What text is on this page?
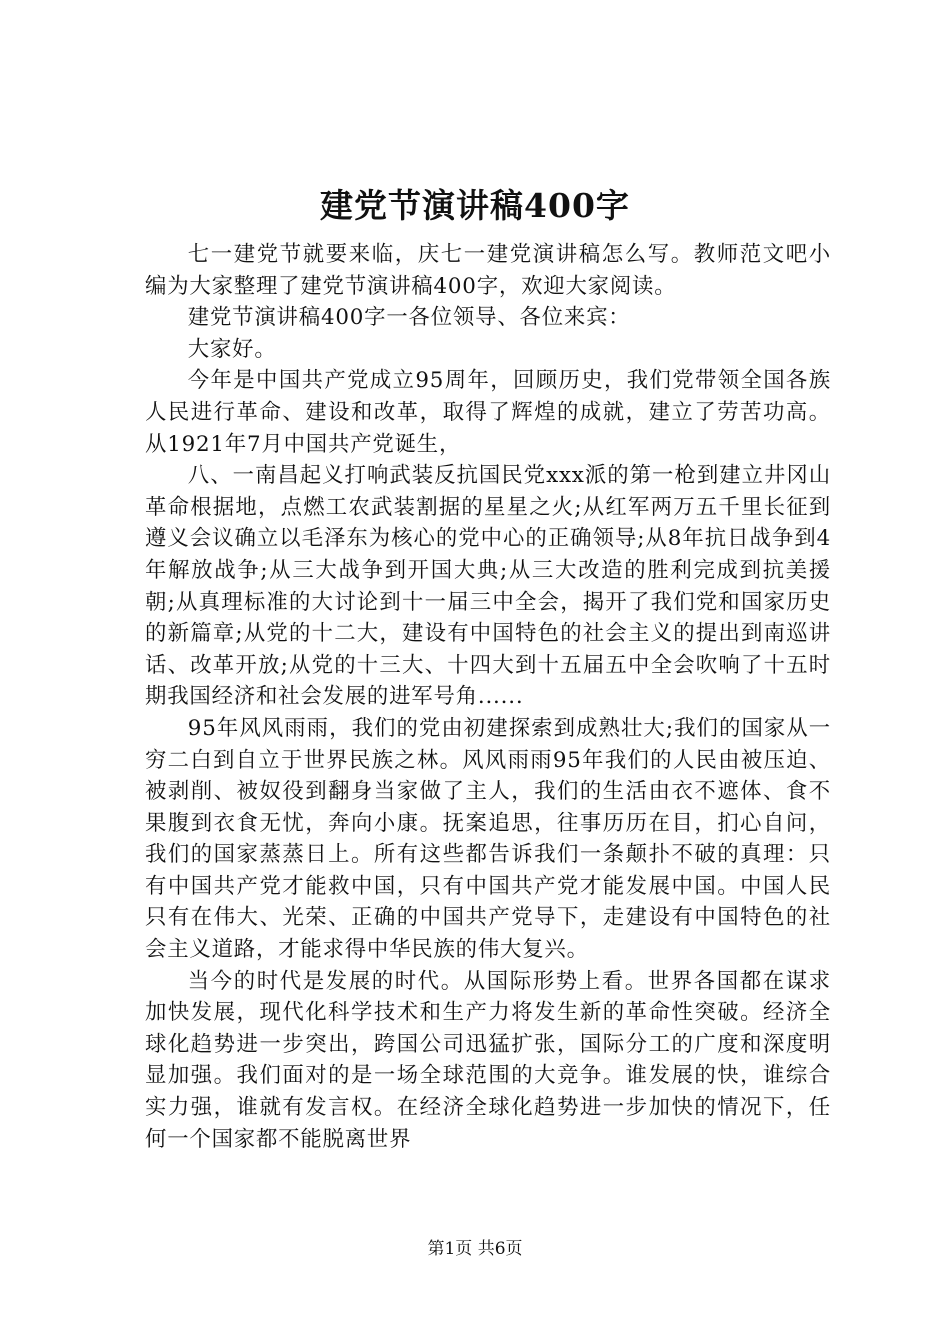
建党节演讲稿400字

七一建党节就要来临，庆七一建党演讲稿怎么写。教师范文吧小编为大家整理了建党节演讲稿400字，欢迎大家阅读。

建党节演讲稿400字一各位领导、各位来宾：

大家好。

今年是中国共产党成立95周年，回顾历史，我们党带领全国各族人民进行革命、建设和改革，取得了辉煌的成就，建立了劳苦功高。从1921年7月中国共产党诞生，

八、一南昌起义打响武装反抗国民党xxx派的第一枪到建立井冈山革命根据地，点燃工农武装割据的星星之火;从红军两万五千里长征到遵义会议确立以毛泽东为核心的党中心的正确领导;从8年抗日战争到4年解放战争;从三大战争到开国大典;从三大改造的胜利完成到抗美援朝;从真理标准的大讨论到十一届三中全会，揭开了我们党和国家历史的新篇章;从党的十二大，建设有中国特色的社会主义的提出到南巡讲话、改革开放;从党的十三大、十四大到十五届五中全会吹响了十五时期我国经济和社会发展的进军号角......

95年风风雨雨，我们的党由初建探索到成熟壮大;我们的国家从一穷二白到自立于世界民族之林。风风雨雨95年我们的人民由被压迫、被剥削、被奴役到翻身当家做了主人，我们的生活由衣不遮体、食不果腹到衣食无忧，奔向小康。抚案追思，往事历历在目，扪心自问，我们的国家蒸蒸日上。所有这些都告诉我们一条颠扑不破的真理：只有中国共产党才能救中国，只有中国共产党才能发展中国。中国人民只有在伟大、光荣、正确的中国共产党导下，走建设有中国特色的社会主义道路，才能求得中华民族的伟大复兴。

当今的时代是发展的时代。从国际形势上看。世界各国都在谋求加快发展，现代化科学技术和生产力将发生新的革命性突破。经济全球化趋势进一步突出，跨国公司迅猛扩张，国际分工的广度和深度明显加强。我们面对的是一场全球范围的大竞争。谁发展的快，谁综合实力强，谁就有发言权。在经济全球化趋势进一步加快的情况下，任何一个国家都不能脱离世界

第1页 共6页
